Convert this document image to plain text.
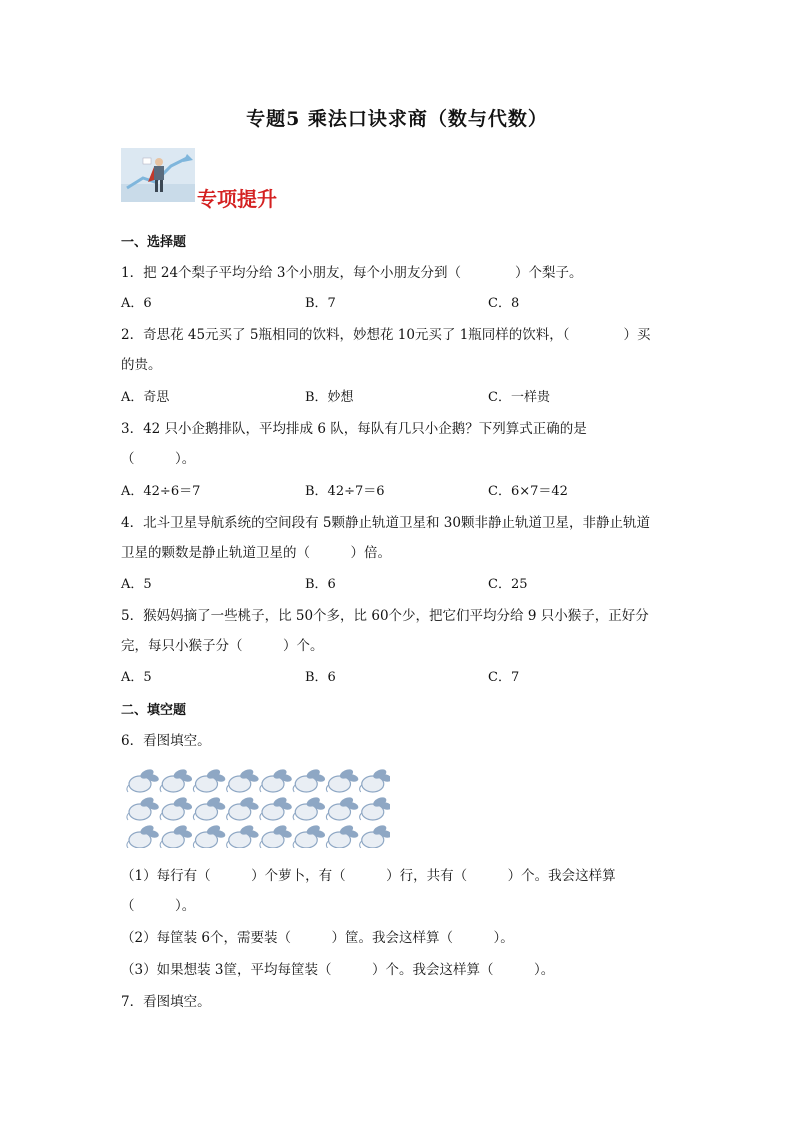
专题5 乘法口诀求商（数与代数）
专项提升
一、选择题
1．把 24个梨子平均分给 3个小朋友，每个小朋友分到（　　　　）个梨子。
A．6	B．7	C．8
2．奇思花 45元买了 5瓶相同的饮料，妙想花 10元买了 1瓶同样的饮料，（　　　　）买
的贵。
A．奇思	B．妙想	C．一样贵
3．42 只小企鹅排队，平均排成 6 队，每队有几只小企鹅？下列算式正确的是
（　　　）。
A．42÷6＝7	B．42÷7＝6	C．6×7＝42
4．北斗卫星导航系统的空间段有 5颗静止轨道卫星和 30颗非静止轨道卫星，非静止轨道
卫星的颗数是静止轨道卫星的（　　　）倍。
A．5	B．6	C．25
5．猴妈妈摘了一些桃子，比 50个多，比 60个少，把它们平均分给 9 只小猴子，正好分
完，每只小猴子分（　　　）个。
A．5	B．6	C．7
二、填空题
6．看图填空。
（1）每行有（　　　）个萝卜，有（　　　）行，共有（　　　）个。我会这样算
（　　　）。
（2）每筐装 6个，需要装（　　　）筐。我会这样算（　　　）。
（3）如果想装 3筐，平均每筐装（　　　）个。我会这样算（　　　）。
7．看图填空。
